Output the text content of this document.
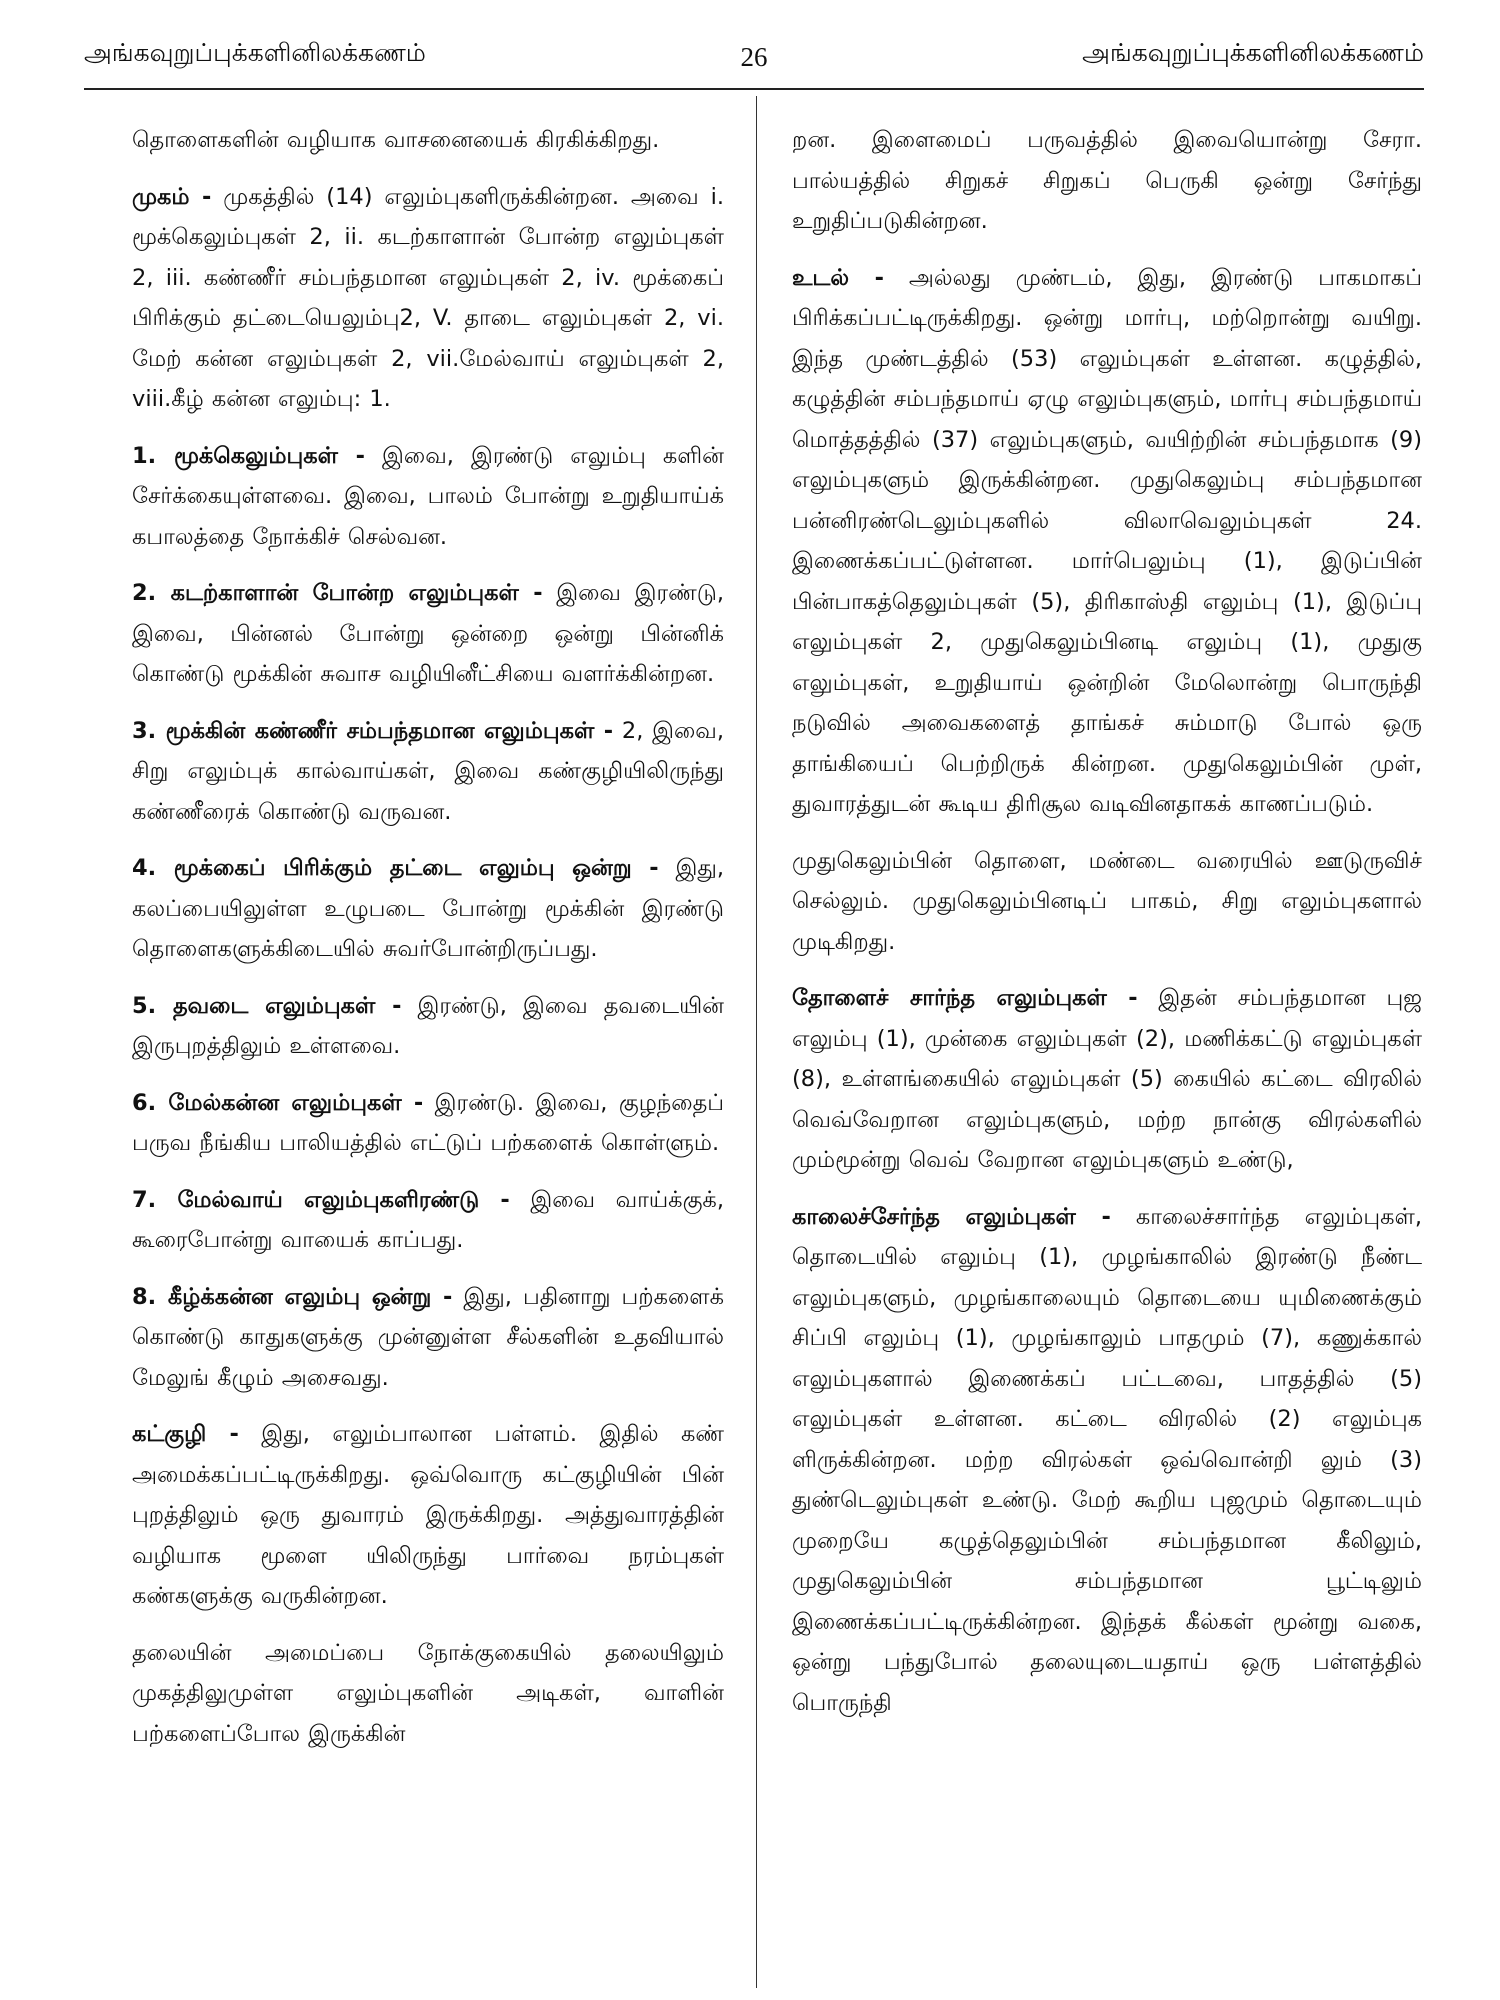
அங்கவுறுப்புக்களினிலக்கணம்	26	அங்கவுறுப்புக்களினிலக்கணம்

தொளைகளின் வழியாக வாசனையைக் கிரகிக்கிறது.

முகம் - முகத்தில் (14) எலும்புகளிருக்கின்றன. அவை i. மூக்கெலும்புகள் 2, ii. கடற்காளான் போன்ற எலும்புகள் 2, iii. கண்ணீர் சம்பந்தமான எலும்புகள் 2, iv. மூக்கைப் பிரிக்கும் தட்டையெலும்பு2, V. தாடை எலும்புகள் 2, vi. மேற் கன்ன எலும்புகள் 2, vii.மேல்வாய் எலும்புகள் 2, viii.கீழ் கன்ன எலும்பு: 1.

1. மூக்கெலும்புகள் - இவை, இரண்டு எலும்பு களின் சேர்க்கையுள்ளவை. இவை, பாலம் போன்று உறுதியாய்க் கபாலத்தை நோக்கிச் செல்வன.

2. கடற்காளான் போன்ற எலும்புகள் - இவை இரண்டு, இவை, பின்னல் போன்று ஒன்றை ஒன்று பின்னிக் கொண்டு மூக்கின் சுவாச வழியினீட்சியை வளர்க்கின்றன.

3. மூக்கின் கண்ணீர் சம்பந்தமான எலும்புகள் - 2, இவை, சிறு எலும்புக் கால்வாய்கள், இவை கண்குழியிலிருந்து கண்ணீரைக் கொண்டு வருவன.

4. மூக்கைப் பிரிக்கும் தட்டை எலும்பு ஒன்று - இது, கலப்பையிலுள்ள உழுபடை போன்று மூக்கின் இரண்டு தொளைகளுக்கிடையில் சுவர்போன்றிருப்பது.

5. தவடை எலும்புகள் - இரண்டு, இவை தவடையின் இருபுறத்திலும் உள்ளவை.

6. மேல்கன்ன எலும்புகள் - இரண்டு. இவை, குழந்தைப் பருவ நீங்கிய பாலியத்தில் எட்டுப் பற்களைக் கொள்ளும்.

7. மேல்வாய் எலும்புகளிரண்டு - இவை வாய்க்குக், கூரைபோன்று வாயைக் காப்பது.

8. கீழ்க்கன்ன எலும்பு ஒன்று - இது, பதினாறு பற்களைக் கொண்டு காதுகளுக்கு முன்னுள்ள சீல்களின் உதவியால் மேலுங் கீழும் அசைவது.

கட்குழி - இது, எலும்பாலான பள்ளம். இதில் கண் அமைக்கப்பட்டிருக்கிறது. ஒவ்வொரு கட்குழியின் பின் புறத்திலும் ஒரு துவாரம் இருக்கிறது. அத்துவாரத்தின் வழியாக மூளை யிலிருந்து பார்வை நரம்புகள் கண்களுக்கு வருகின்றன.

தலையின் அமைப்பை நோக்குகையில் தலையிலும் முகத்திலுமுள்ள எலும்புகளின் அடிகள், வாளின் பற்களைப்போல இருக்கின்

றன. இளைமைப் பருவத்தில் இவையொன்று சேரா. பால்யத்தில் சிறுகச் சிறுகப் பெருகி ஒன்று சேர்ந்து உறுதிப்படுகின்றன.

உடல் - அல்லது முண்டம், இது, இரண்டு பாகமாகப் பிரிக்கப்பட்டிருக்கிறது. ஒன்று மார்பு, மற்றொன்று வயிறு. இந்த முண்டத்தில் (53) எலும்புகள் உள்ளன. கழுத்தில், கழுத்தின் சம்பந்தமாய் ஏழு எலும்புகளும், மார்பு சம்பந்தமாய் மொத்தத்தில் (37) எலும்புகளும், வயிற்றின் சம்பந்தமாக (9) எலும்புகளும் இருக்கின்றன. முதுகெலும்பு சம்பந்தமான பன்னிரண்டெலும்புகளில் விலாவெலும்புகள் 24. இணைக்கப்பட்டுள்ளன. மார்பெலும்பு (1), இடுப்பின் பின்பாகத்தெலும்புகள் (5), திரிகாஸ்தி எலும்பு (1), இடுப்பு எலும்புகள் 2, முதுகெலும்பினடி எலும்பு (1), முதுகு எலும்புகள், உறுதியாய் ஒன்றின் மேலொன்று பொருந்தி நடுவில் அவைகளைத் தாங்கச் சும்மாடு போல் ஒரு தாங்கியைப் பெற்றிருக் கின்றன. முதுகெலும்பின் முள், துவாரத்துடன் கூடிய திரிசூல வடிவினதாகக் காணப்படும்.

முதுகெலும்பின் தொளை, மண்டை வரையில் ஊடுருவிச் செல்லும். முதுகெலும்பினடிப் பாகம், சிறு எலும்புகளால் முடிகிறது.

தோளைச் சார்ந்த எலும்புகள் - இதன் சம்பந்தமான புஜ எலும்பு (1), முன்கை எலும்புகள் (2), மணிக்கட்டு எலும்புகள் (8), உள்ளங்கையில் எலும்புகள் (5) கையில் கட்டை விரலில் வெவ்வேறான எலும்புகளும், மற்ற நான்கு விரல்களில் மும்மூன்று வெவ் வேறான எலும்புகளும் உண்டு,

காலைச்சேர்ந்த எலும்புகள் - காலைச்சார்ந்த எலும்புகள், தொடையில் எலும்பு (1), முழங்காலில் இரண்டு நீண்ட எலும்புகளும், முழங்காலையும் தொடையை யுமிணைக்கும் சிப்பி எலும்பு (1), முழங்காலும் பாதமும் (7), கணுக்கால் எலும்புகளால் இணைக்கப் பட்டவை, பாதத்தில் (5) எலும்புகள் உள்ளன. கட்டை விரலில் (2) எலும்புக ளிருக்கின்றன. மற்ற விரல்கள் ஒவ்வொன்றி லும் (3) துண்டெலும்புகள் உண்டு. மேற் கூறிய புஜமும் தொடையும் முறையே கழுத்தெலும்பின் சம்பந்தமான கீலிலும், முதுகெலும்பின் சம்பந்தமான பூட்டிலும் இணைக்கப்பட்டிருக்கின்றன. இந்தக் கீல்கள் மூன்று வகை, ஒன்று பந்துபோல் தலையுடையதாய் ஒரு பள்ளத்தில் பொருந்தி
